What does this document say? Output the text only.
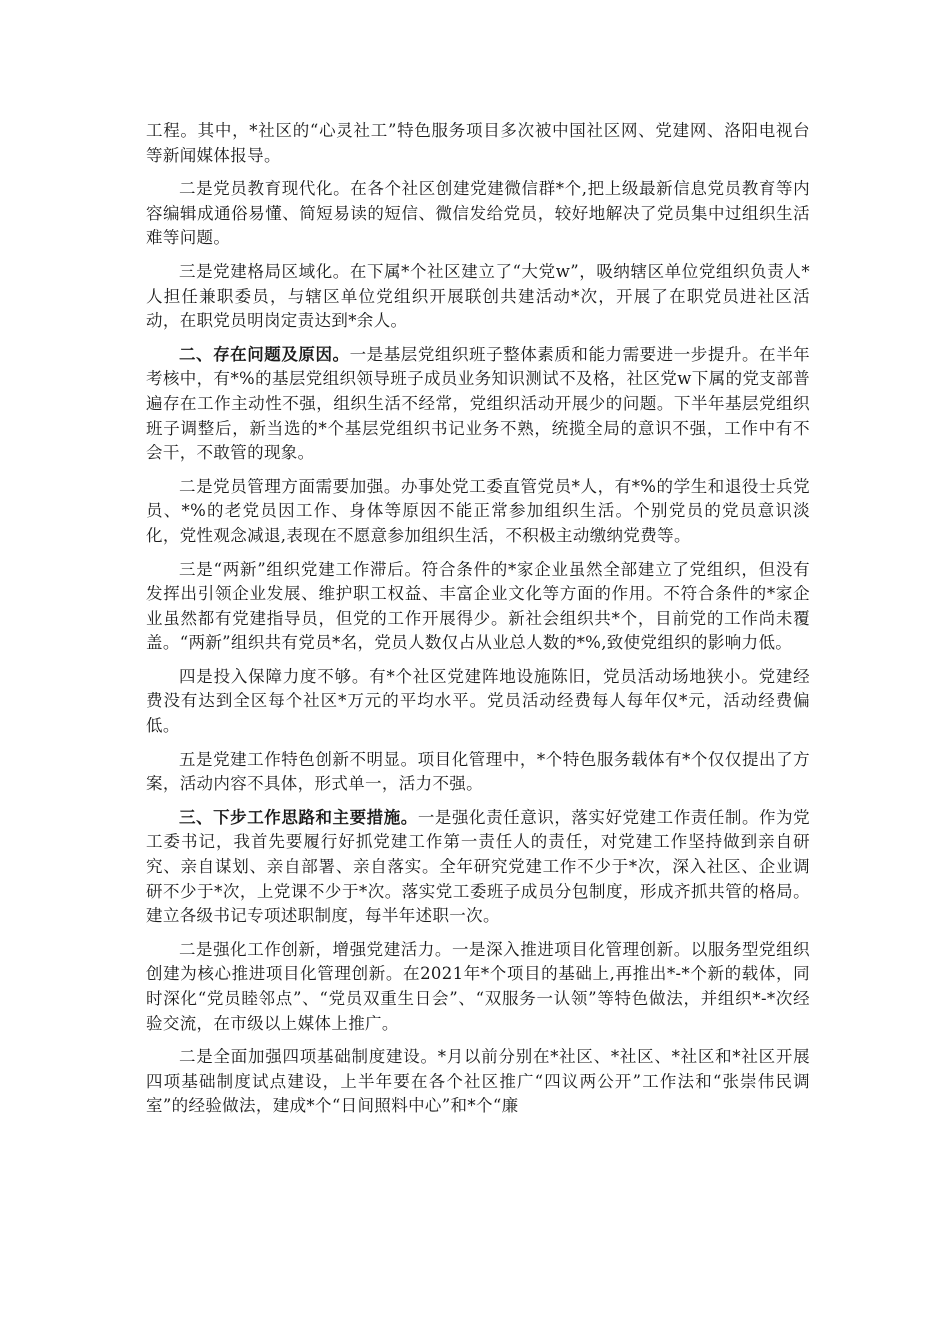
工程。其中，*社区的“心灵社工”特色服务项目多次被中国社区网、党建网、洛阳电视台等新闻媒体报导。

二是党员教育现代化。在各个社区创建党建微信群*个,把上级最新信息党员教育等内容编辑成通俗易懂、简短易读的短信、微信发给党员，较好地解决了党员集中过组织生活难等问题。

三是党建格局区域化。在下属*个社区建立了“大党w”，吸纳辖区单位党组织负责人*人担任兼职委员，与辖区单位党组织开展联创共建活动*次，开展了在职党员进社区活动，在职党员明岗定责达到*余人。

二、存在问题及原因。一是基层党组织班子整体素质和能力需要进一步提升。在半年考核中，有*%的基层党组织领导班子成员业务知识测试不及格，社区党w下属的党支部普遍存在工作主动性不强，组织生活不经常，党组织活动开展少的问题。下半年基层党组织班子调整后，新当选的*个基层党组织书记业务不熟，统揽全局的意识不强，工作中有不会干，不敢管的现象。

二是党员管理方面需要加强。办事处党工委直管党员*人，有*%的学生和退役士兵党员、*%的老党员因工作、身体等原因不能正常参加组织生活。个别党员的党员意识淡化，党性观念减退,表现在不愿意参加组织生活，不积极主动缴纳党费等。

三是“两新”组织党建工作滞后。符合条件的*家企业虽然全部建立了党组织，但没有发挥出引领企业发展、维护职工权益、丰富企业文化等方面的作用。不符合条件的*家企业虽然都有党建指导员，但党的工作开展得少。新社会组织共*个，目前党的工作尚未覆盖。“两新”组织共有党员*名，党员人数仅占从业总人数的*%,致使党组织的影响力低。

四是投入保障力度不够。有*个社区党建阵地设施陈旧，党员活动场地狭小。党建经费没有达到全区每个社区*万元的平均水平。党员活动经费每人每年仅*元，活动经费偏低。

五是党建工作特色创新不明显。项目化管理中，*个特色服务载体有*个仅仅提出了方案，活动内容不具体，形式单一，活力不强。

三、下步工作思路和主要措施。一是强化责任意识，落实好党建工作责任制。作为党工委书记，我首先要履行好抓党建工作第一责任人的责任，对党建工作坚持做到亲自研究、亲自谋划、亲自部署、亲自落实。全年研究党建工作不少于*次，深入社区、企业调研不少于*次，上党课不少于*次。落实党工委班子成员分包制度，形成齐抓共管的格局。建立各级书记专项述职制度，每半年述职一次。

二是强化工作创新，增强党建活力。一是深入推进项目化管理创新。以服务型党组织创建为核心推进项目化管理创新。在2021年*个项目的基础上,再推出*-*个新的载体，同时深化“党员睦邻点”、“党员双重生日会”、“双服务一认领”等特色做法，并组织*-*次经验交流，在市级以上媒体上推广。

二是全面加强四项基础制度建设。*月以前分别在*社区、*社区、*社区和*社区开展四项基础制度试点建设，上半年要在各个社区推广“四议两公开”工作法和“张崇伟民调室”的经验做法，建成*个“日间照料中心”和*个“廉
